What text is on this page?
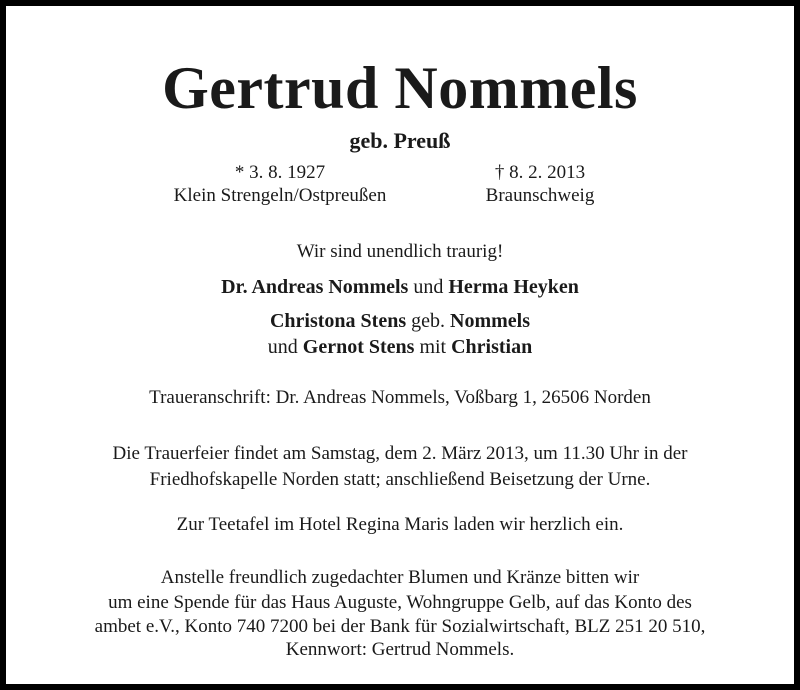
Gertrud Nommels
geb. Preuß
* 3. 8. 1927
Klein Strengeln/Ostpreußen
† 8. 2. 2013
Braunschweig
Wir sind unendlich traurig!
Dr. Andreas Nommels und Herma Heyken
Christona Stens geb. Nommels
und Gernot Stens mit Christian
Traueranschrift: Dr. Andreas Nommels, Voßbarg 1, 26506 Norden
Die Trauerfeier findet am Samstag, dem 2. März 2013, um 11.30 Uhr in der
Friedhofskapelle Norden statt; anschließend Beisetzung der Urne.
Zur Teetafel im Hotel Regina Maris laden wir herzlich ein.
Anstelle freundlich zugedachter Blumen und Kränze bitten wir
um eine Spende für das Haus Auguste, Wohngruppe Gelb, auf das Konto des
ambet e.V., Konto 740 7200 bei der Bank für Sozialwirtschaft, BLZ 251 20 510,
Kennwort: Gertrud Nommels.
